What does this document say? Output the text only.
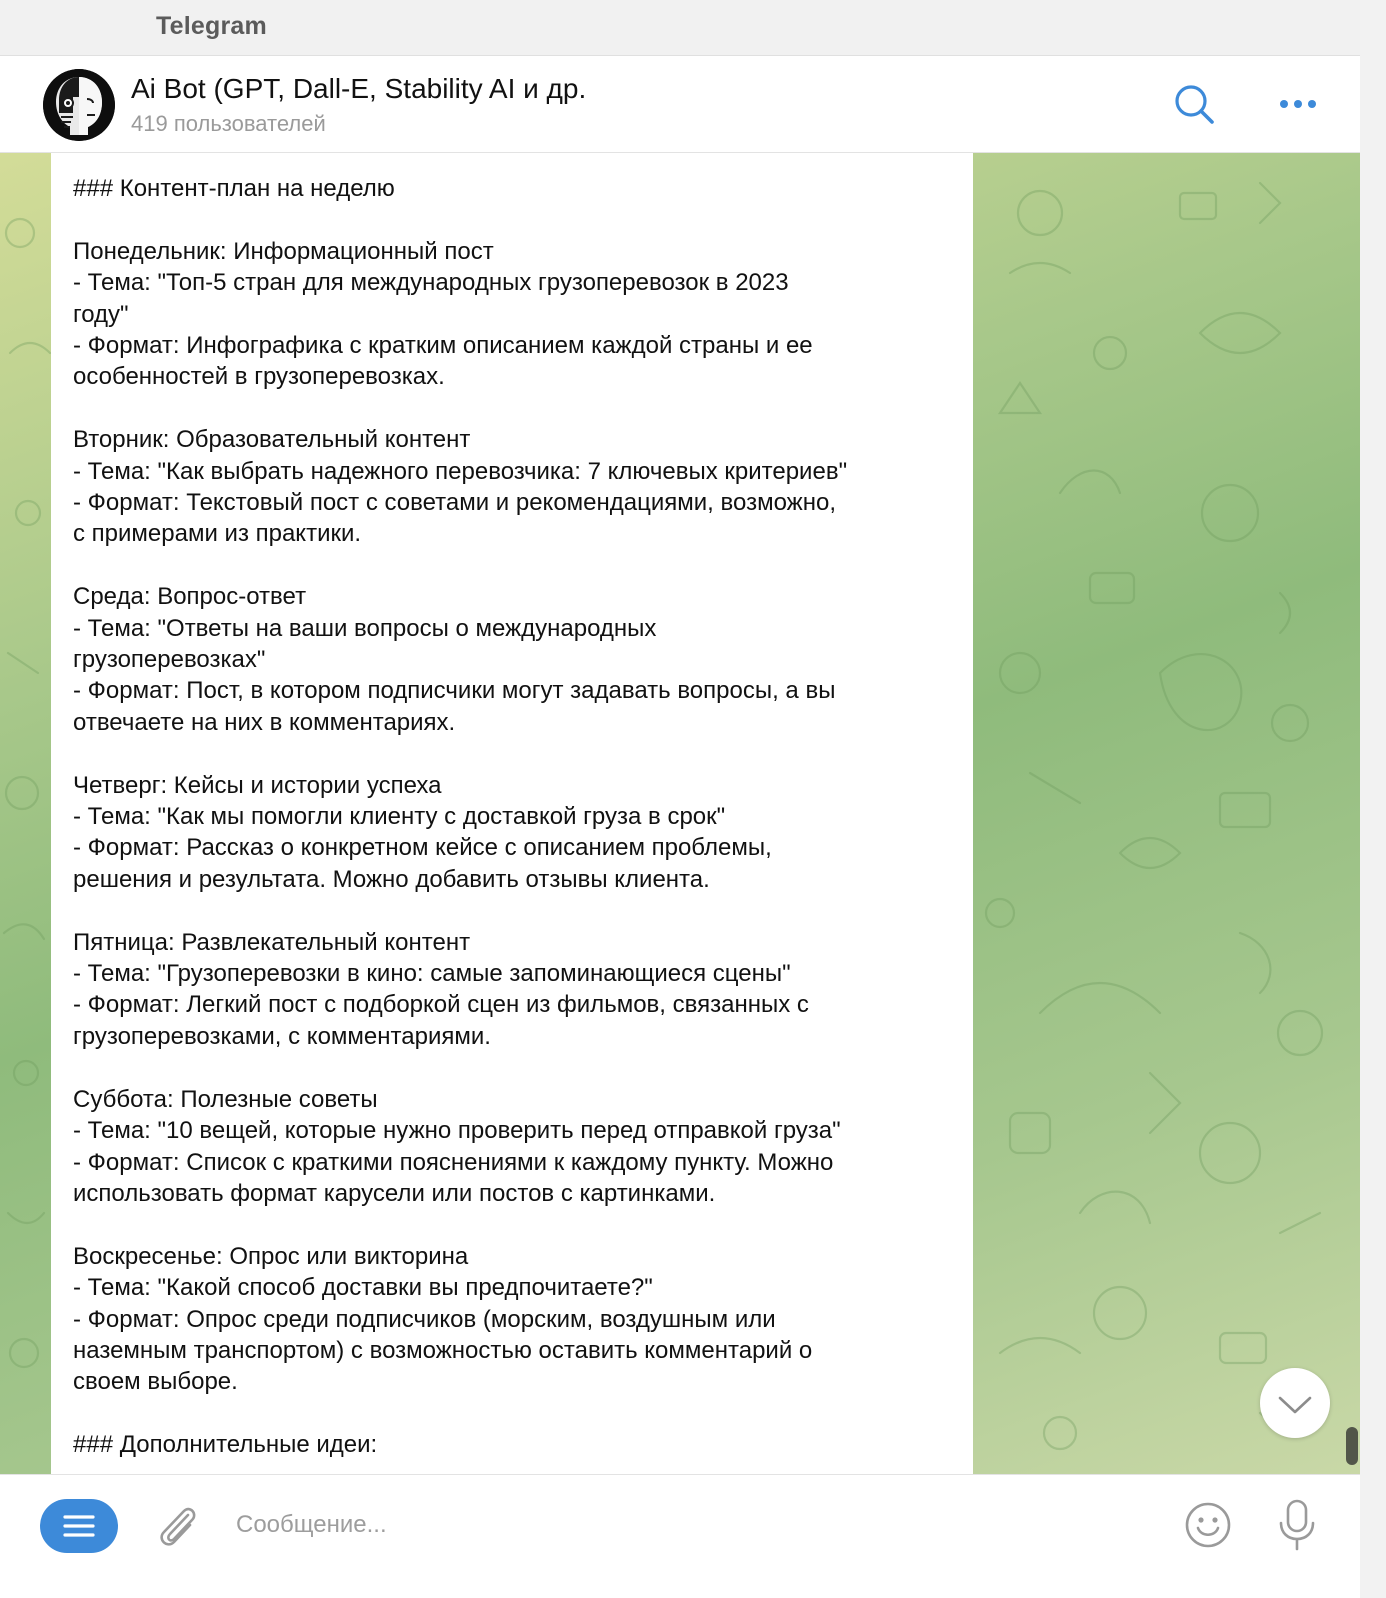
Telegram
Ai Bot (GPT, Dall-E, Stability AI и др.
419 пользователей
### Контент-план на неделю
Понедельник: Информационный пост
- Тема: "Топ-5 стран для международных грузоперевозок в 2023
году"
- Формат: Инфографика с кратким описанием каждой страны и ее
особенностей в грузоперевозках.
Вторник: Образовательный контент
- Тема: "Как выбрать надежного перевозчика: 7 ключевых критериев"
- Формат: Текстовый пост с советами и рекомендациями, возможно,
с примерами из практики.
Среда: Вопрос-ответ
- Тема: "Ответы на ваши вопросы о международных
грузоперевозках"
- Формат: Пост, в котором подписчики могут задавать вопросы, а вы
отвечаете на них в комментариях.
Четверг: Кейсы и истории успеха
- Тема: "Как мы помогли клиенту с доставкой груза в срок"
- Формат: Рассказ о конкретном кейсе с описанием проблемы,
решения и результата. Можно добавить отзывы клиента.
Пятница: Развлекательный контент
- Тема: "Грузоперевозки в кино: самые запоминающиеся сцены"
- Формат: Легкий пост с подборкой сцен из фильмов, связанных с
грузоперевозками, с комментариями.
Суббота: Полезные советы
- Тема: "10 вещей, которые нужно проверить перед отправкой груза"
- Формат: Список с краткими пояснениями к каждому пункту. Можно
использовать формат карусели или постов с картинками.
Воскресенье: Опрос или викторина
- Тема: "Какой способ доставки вы предпочитаете?"
- Формат: Опрос среди подписчиков (морским, воздушным или
наземным транспортом) с возможностью оставить комментарий о
своем выборе.
### Дополнительные идеи:
Сообщение...
